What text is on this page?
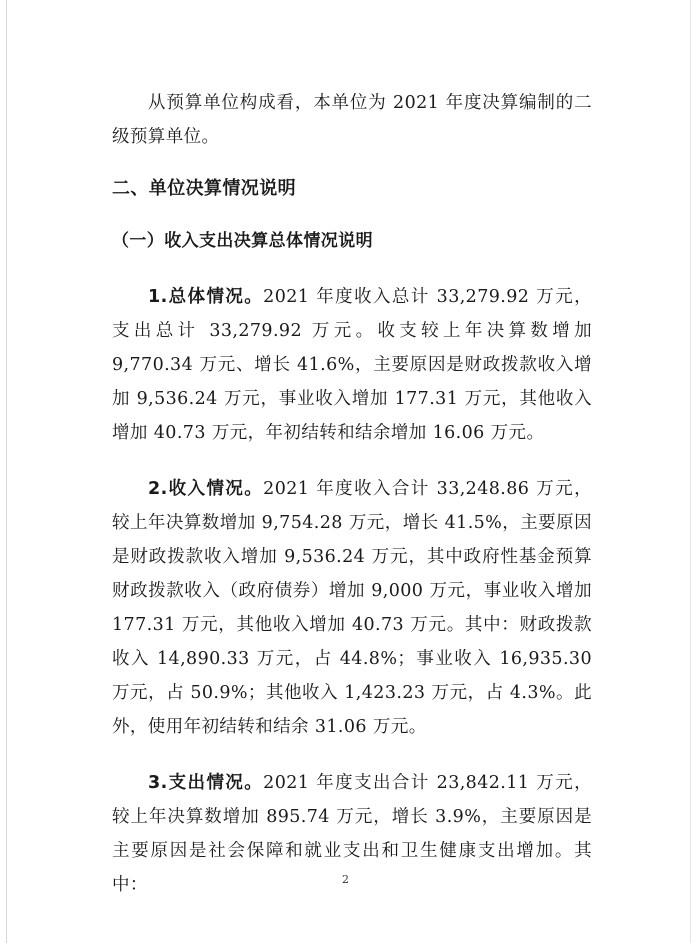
从预算单位构成看，本单位为 2021 年度决算编制的二级预算单位。

二、单位决算情况说明

（一）收入支出决算总体情况说明

1.总体情况。2021 年度收入总计 33,279.92 万元，支出总计 33,279.92 万元。收支较上年决算数增加 9,770.34 万元、增长 41.6%，主要原因是财政拨款收入增加 9,536.24 万元，事业收入增加 177.31 万元，其他收入增加 40.73 万元，年初结转和结余增加 16.06 万元。

2.收入情况。2021 年度收入合计 33,248.86 万元，较上年决算数增加 9,754.28 万元，增长 41.5%，主要原因是财政拨款收入增加 9,536.24 万元，其中政府性基金预算财政拨款收入（政府债券）增加 9,000 万元，事业收入增加 177.31 万元，其他收入增加 40.73 万元。其中：财政拨款收入 14,890.33 万元，占 44.8%；事业收入 16,935.30 万元，占 50.9%；其他收入 1,423.23 万元，占 4.3%。此外，使用年初结转和结余 31.06 万元。

3.支出情况。2021 年度支出合计 23,842.11 万元，较上年决算数增加 895.74 万元，增长 3.9%，主要原因是主要原因是社会保障和就业支出和卫生健康支出增加。其中：	2
